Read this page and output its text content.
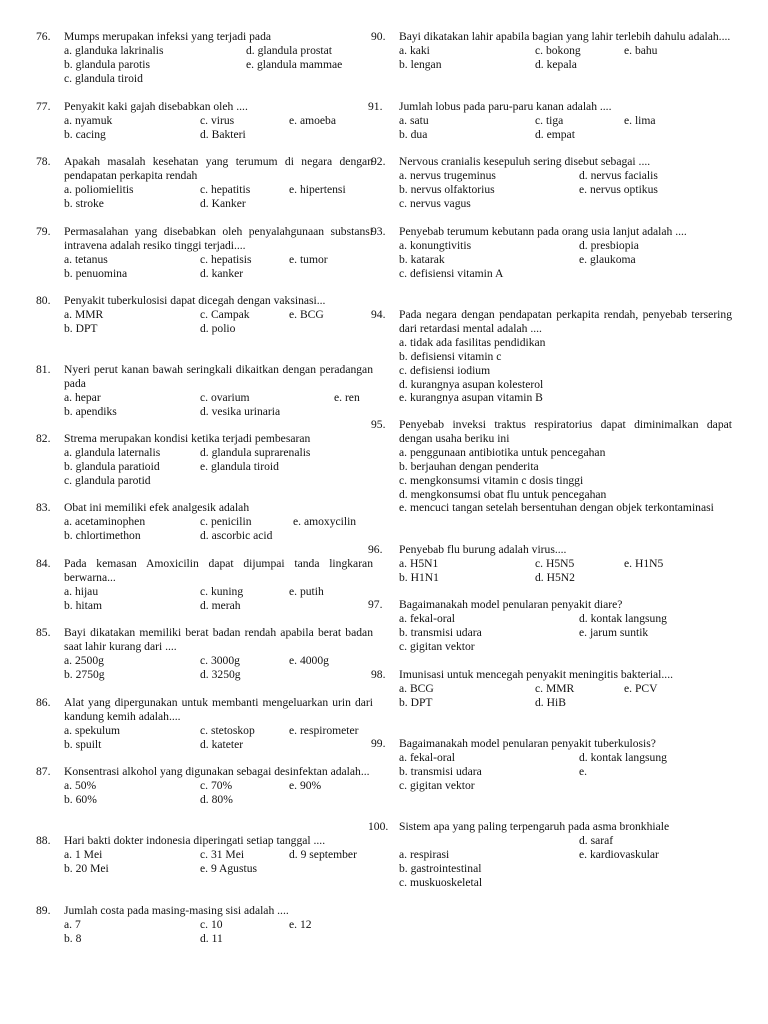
76.	Mumps merupakan infeksi yang terjadi pada
a. glanduka lakrinalis	d. glandula prostat
b. glandula parotis	e. glandula mammae
c. glandula tiroid
77.	Penyakit kaki gajah disebabkan oleh ....
a. nyamuk	c. virus	e. amoeba
b. cacing	d. Bakteri
78.	Apakah masalah kesehatan yang terumum di negara dengan pendapatan perkapita rendah
a. poliomielitis	c. hepatitis	e. hipertensi
b. stroke	d. Kanker
79.	Permasalahan yang disebabkan oleh penyalahgunaan substansi intravena adalah resiko tinggi terjadi....
a. tetanus	c. hepatisis	e. tumor
b. penuomina	d. kanker
80.	Penyakit tuberkulosisi dapat dicegah dengan vaksinasi...
a. MMR	c. Campak	e. BCG
b. DPT	d. polio
81.	Nyeri perut kanan bawah seringkali dikaitkan dengan peradangan pada
a. hepar	c. ovarium	e. ren
b. apendiks	d. vesika urinaria
82.	Strema merupakan kondisi ketika terjadi pembesaran
a. glandula laternalis	d. glandula suprarenalis
b. glandula paratioid	e. glandula tiroid
c. glandula parotid
83.	Obat ini memiliki efek analgesik adalah
a. acetaminophen	c. penicilin	e. amoxycilin
b. chlortimethon	d. ascorbic acid
84.	Pada kemasan Amoxicilin dapat dijumpai tanda lingkaran berwarna...
a. hijau	c. kuning	e. putih
b. hitam	d. merah
85.	Bayi dikatakan memiliki berat badan rendah apabila berat badan saat lahir kurang dari ....
a. 2500g	c. 3000g	e. 4000g
b. 2750g	d. 3250g
86.	Alat yang dipergunakan untuk membanti mengeluarkan urin dari kandung kemih adalah....
a. spekulum	c. stetoskop	e. respirometer
b. spuilt	d. kateter
87.	Konsentrasi alkohol yang digunakan sebagai desinfektan adalah...
a. 50%	c. 70%	e. 90%
b. 60%	d. 80%
88.	Hari bakti dokter indonesia diperingati setiap tanggal ....
a. 1 Mei	c. 31 Mei	d. 9 september
b. 20 Mei	e. 9 Agustus
89.	Jumlah costa pada masing-masing sisi adalah ....
a. 7	c. 10	e. 12
b. 8	d. 11
90.	Bayi dikatakan lahir apabila bagian yang lahir terlebih dahulu adalah....
a. kaki	c. bokong	e. bahu
b. lengan	d. kepala
91.	Jumlah lobus pada paru-paru kanan adalah ....
a. satu	c. tiga	e. lima
b. dua	d. empat
92.	Nervous cranialis kesepuluh sering disebut sebagai ....
a. nervus trugeminus	d. nervus facialis
b. nervus olfaktorius	e. nervus optikus
c. nervus vagus
93.	Penyebab terumum kebutann pada orang usia lanjut adalah ....
a. konungtivitis	d. presbiopia
b. katarak	e. glaukoma
c. defisiensi vitamin A
94.	Pada negara dengan pendapatan perkapita rendah, penyebab tersering dari retardasi mental adalah ....
a. tidak ada fasilitas pendidikan
b. defisiensi vitamin c
c. defisiensi iodium
d. kurangnya asupan kolesterol
e. kurangnya asupan vitamin B
95.	Penyebab inveksi traktus respiratorius dapat diminimalkan dapat dengan usaha beriku ini
a. penggunaan antibiotika untuk pencegahan
b. berjauhan dengan penderita
c. mengkonsumsi vitamin c dosis tinggi
d. mengkonsumsi obat flu untuk pencegahan
e. mencuci tangan setelah bersentuhan dengan objek terkontaminasi
96.	Penyebab flu burung adalah virus....
a. H5N1	c. H5N5	e. H1N5
b. H1N1	d. H5N2
97.	Bagaimanakah model penularan penyakit diare?
a. fekal-oral	d. kontak langsung
b. transmisi udara	e. jarum suntik
c. gigitan vektor
98.	Imunisasi untuk mencegah penyakit meningitis bakterial....
a. BCG	c. MMR	e. PCV
b. DPT	d. HiB
99.	Bagaimanakah model penularan penyakit tuberkulosis?
a. fekal-oral	d. kontak langsung
b. transmisi udara	e.
c. gigitan vektor
100. Sistem apa yang paling terpengaruh pada asma bronkhiale
d. saraf
a. respirasi	e. kardiovaskular
b. gastrointestinal
c. muskuoskeletal
